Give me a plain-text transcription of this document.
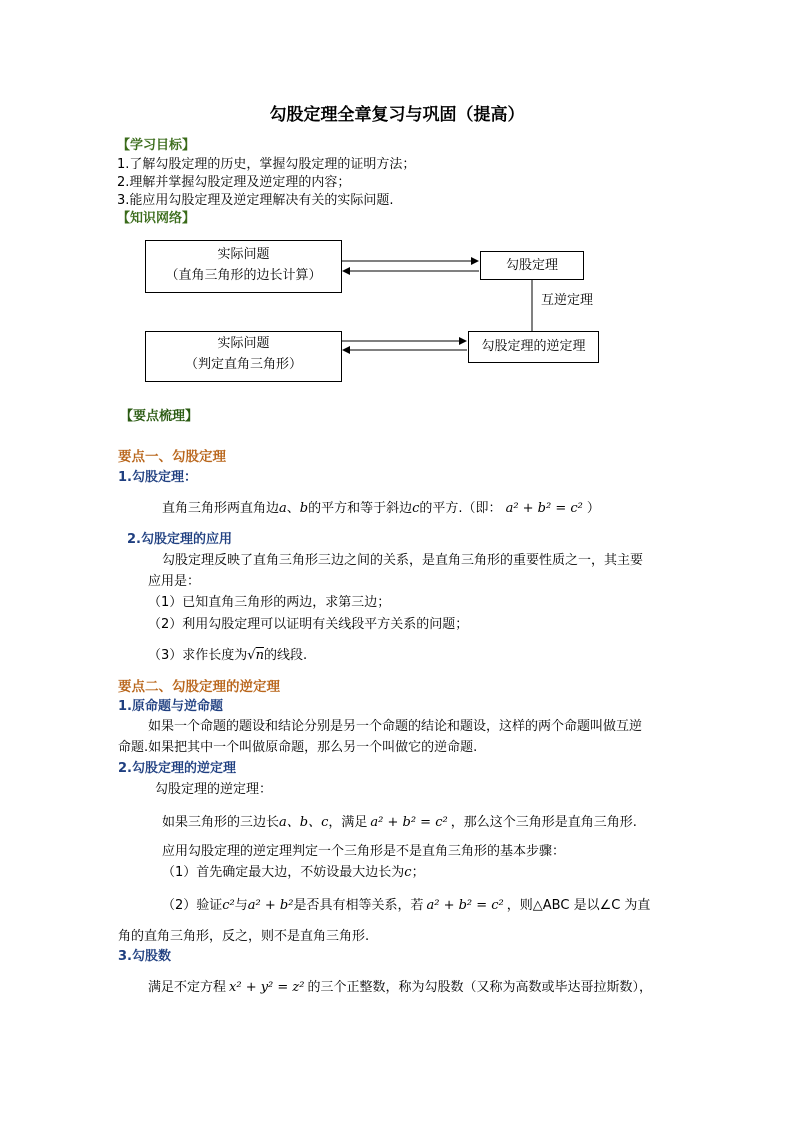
勾股定理全章复习与巩固（提高）
【学习目标】
1.了解勾股定理的历史，掌握勾股定理的证明方法；
2.理解并掌握勾股定理及逆定理的内容；
3.能应用勾股定理及逆定理解决有关的实际问题.
【知识网络】
实际问题
（直角三角形的边长计算）
勾股定理
互逆定理
实际问题
（判定直角三角形）
勾股定理的逆定理
【要点梳理】
要点一、勾股定理
1.勾股定理：
直角三角形两直角边a、b的平方和等于斜边c的平方.（即： a² + b² = c² ）
2.勾股定理的应用
勾股定理反映了直角三角形三边之间的关系，是直角三角形的重要性质之一，其主要
应用是：
（1）已知直角三角形的两边，求第三边；
（2）利用勾股定理可以证明有关线段平方关系的问题；
（3）求作长度为√n的线段.
要点二、勾股定理的逆定理
1.原命题与逆命题
如果一个命题的题设和结论分别是另一个命题的结论和题设，这样的两个命题叫做互逆
命题.如果把其中一个叫做原命题，那么另一个叫做它的逆命题.
2.勾股定理的逆定理
勾股定理的逆定理：
如果三角形的三边长a、b、c，满足 a² + b² = c² ，那么这个三角形是直角三角形.
应用勾股定理的逆定理判定一个三角形是不是直角三角形的基本步骤：
（1）首先确定最大边，不妨设最大边长为c；
（2）验证c²与a² + b²是否具有相等关系，若 a² + b² = c² ，则△ABC 是以∠C 为直
角的直角三角形，反之，则不是直角三角形.
3.勾股数
满足不定方程 x² + y² = z² 的三个正整数，称为勾股数（又称为高数或毕达哥拉斯数），
